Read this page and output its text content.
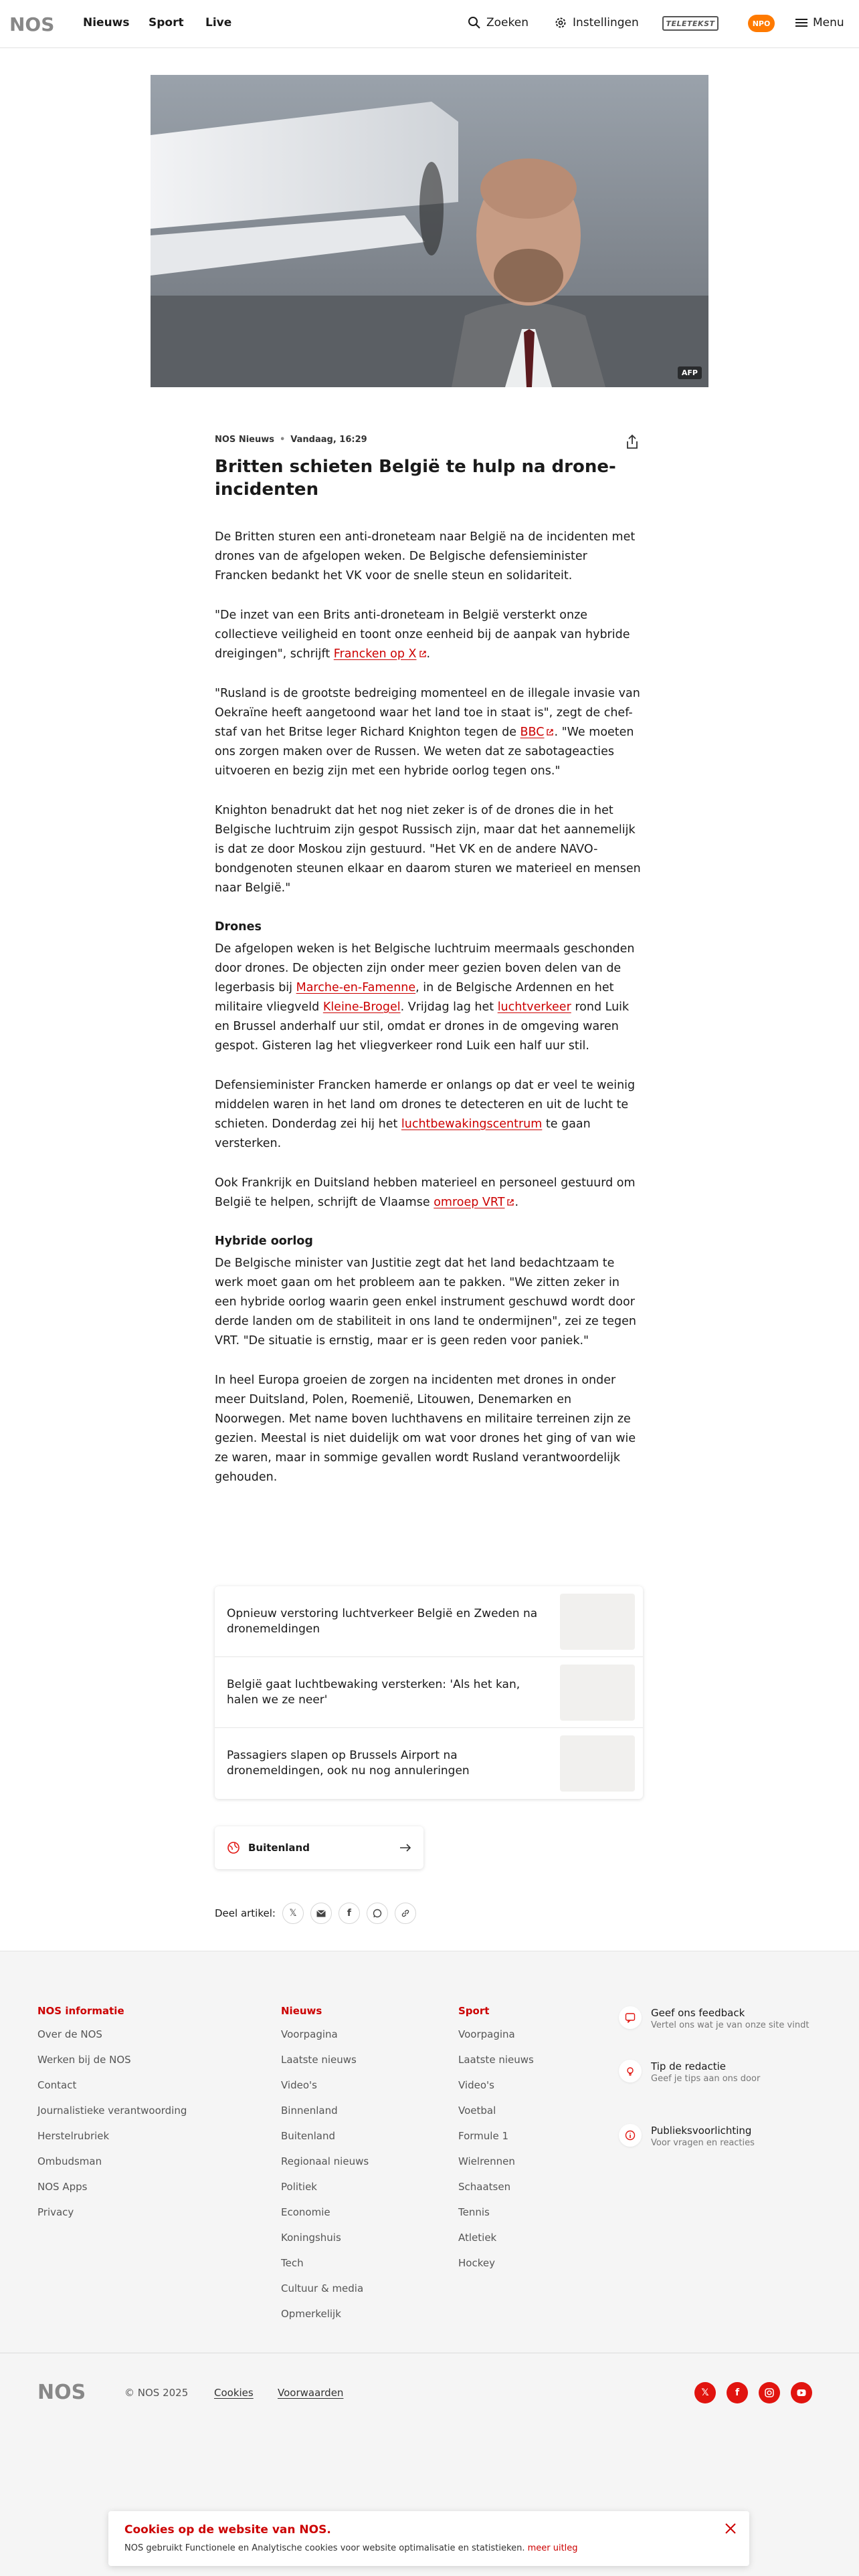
NOS	Nieuws Sport Live	Zoeken	Instellingen	TELETEKST	NPO	Menu
AFP
NOS Nieuws • Vandaag, 16:29
Britten schieten België te hulp na drone-incidenten

De Britten sturen een anti-droneteam naar België na de incidenten met drones van de afgelopen weken. De Belgische defensieminister Francken bedankt het VK voor de snelle steun en solidariteit.

"De inzet van een Brits anti-droneteam in België versterkt onze collectieve veiligheid en toont onze eenheid bij de aanpak van hybride dreigingen", schrijft Francken op X .

"Rusland is de grootste bedreiging momenteel en de illegale invasie van Oekraïne heeft aangetoond waar het land toe in staat is", zegt de chef-staf van het Britse leger Richard Knighton tegen de BBC . "We moeten ons zorgen maken over de Russen. We weten dat ze sabotageacties uitvoeren en bezig zijn met een hybride oorlog tegen ons."

Knighton benadrukt dat het nog niet zeker is of de drones die in het Belgische luchtruim zijn gespot Russisch zijn, maar dat het aannemelijk is dat ze door Moskou zijn gestuurd. "Het VK en de andere NAVO-bondgenoten steunen elkaar en daarom sturen we materieel en mensen naar België."

Drones

De afgelopen weken is het Belgische luchtruim meermaals geschonden door drones. De objecten zijn onder meer gezien boven delen van de legerbasis bij Marche-en-Famenne, in de Belgische Ardennen en het militaire vliegveld Kleine-Brogel. Vrijdag lag het luchtverkeer rond Luik en Brussel anderhalf uur stil, omdat er drones in de omgeving waren gespot. Gisteren lag het vliegverkeer rond Luik een half uur stil.

Defensieminister Francken hamerde er onlangs op dat er veel te weinig middelen waren in het land om drones te detecteren en uit de lucht te schieten. Donderdag zei hij het luchtbewakingscentrum te gaan versterken.

Ook Frankrijk en Duitsland hebben materieel en personeel gestuurd om België te helpen, schrijft de Vlaamse omroep VRT .

Hybride oorlog

De Belgische minister van Justitie zegt dat het land bedachtzaam te werk moet gaan om het probleem aan te pakken. "We zitten zeker in een hybride oorlog waarin geen enkel instrument geschuwd wordt door derde landen om de stabiliteit in ons land te ondermijnen", zei ze tegen VRT. "De situatie is ernstig, maar er is geen reden voor paniek."

In heel Europa groeien de zorgen na incidenten met drones in onder meer Duitsland, Polen, Roemenië, Litouwen, Denemarken en Noorwegen. Met name boven luchthavens en militaire terreinen zijn ze gezien. Meestal is niet duidelijk om wat voor drones het ging of van wie ze waren, maar in sommige gevallen wordt Rusland verantwoordelijk gehouden.

Opnieuw verstoring luchtverkeer België en Zweden na dronemeldingen
België gaat luchtbewaking versterken: 'Als het kan, halen we ze neer'
Passagiers slapen op Brussels Airport na dronemeldingen, ook nu nog annuleringen
Buitenland
Deel artikel: 𝕏	f
NOS informatie
Over de NOS
Werken bij de NOS
Contact
Journalistieke verantwoording
Herstelrubriek
Ombudsman
NOS Apps
Privacy
Nieuws
Voorpagina
Laatste nieuws
Video's
Binnenland
Buitenland
Regionaal nieuws
Politiek
Economie
Koningshuis
Tech
Cultuur & media
Opmerkelijk
Sport
Voorpagina
Laatste nieuws
Video's
Voetbal
Formule 1
Wielrennen
Schaatsen
Tennis
Atletiek
Hockey
Geef ons feedback
Vertel ons wat je van onze site vindt
Tip de redactie
Geef je tips aan ons door
Publieksvoorlichting
Voor vragen en reacties
NOS	© NOS 2025	Cookies Voorwaarden	𝕏	f
Cookies op de website van NOS.
NOS gebruikt Functionele en Analytische cookies voor website optimalisatie en statistieken. meer uitleg
